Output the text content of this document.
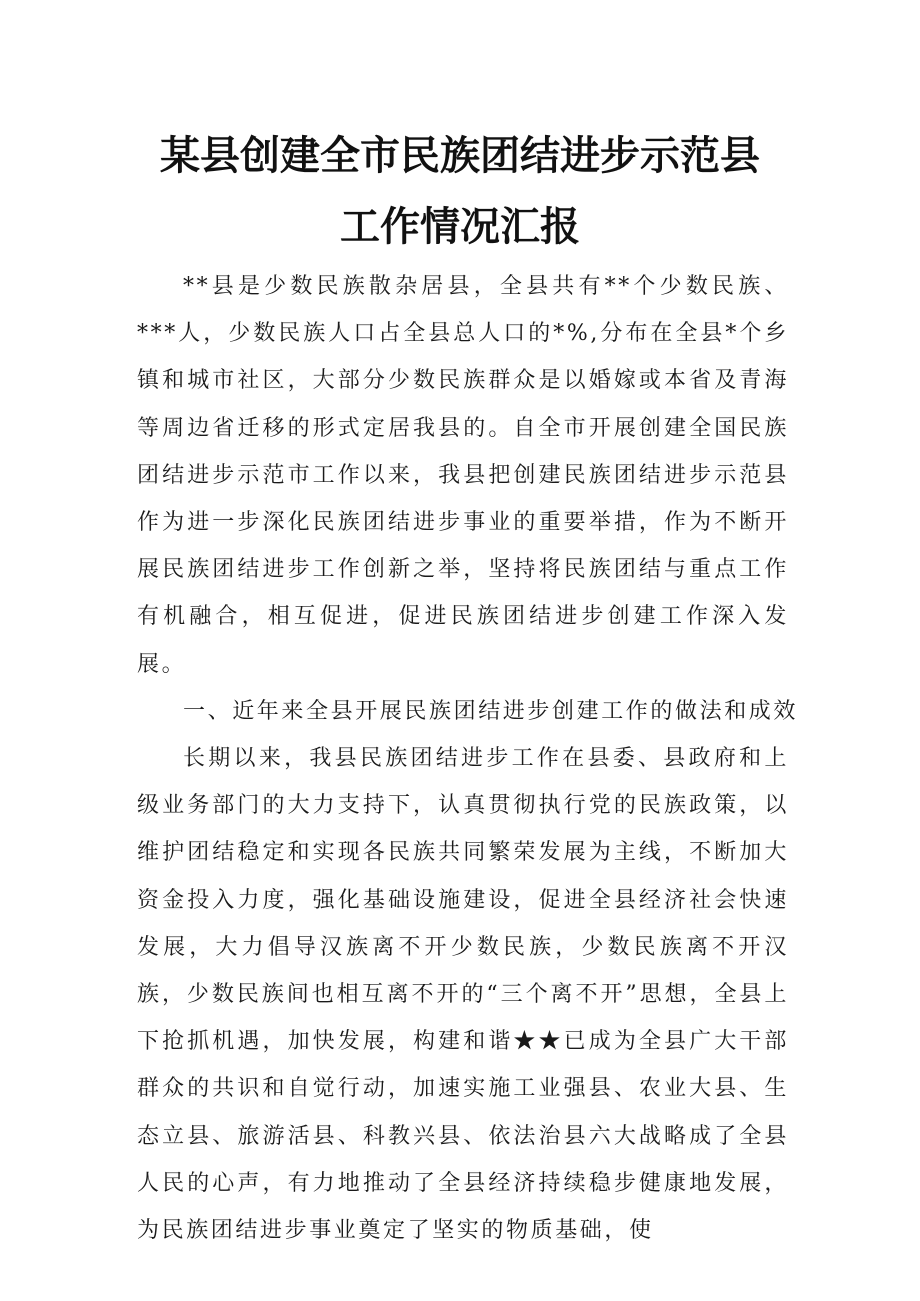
某县创建全市民族团结进步示范县
工作情况汇报

**县是少数民族散杂居县，全县共有**个少数民族、***人，少数民族人口占全县总人口的*%,分布在全县*个乡镇和城市社区，大部分少数民族群众是以婚嫁或本省及青海等周边省迁移的形式定居我县的。自全市开展创建全国民族团结进步示范市工作以来，我县把创建民族团结进步示范县作为进一步深化民族团结进步事业的重要举措，作为不断开展民族团结进步工作创新之举，坚持将民族团结与重点工作有机融合，相互促进，促进民族团结进步创建工作深入发展。

一、近年来全县开展民族团结进步创建工作的做法和成效

长期以来，我县民族团结进步工作在县委、县政府和上级业务部门的大力支持下，认真贯彻执行党的民族政策，以维护团结稳定和实现各民族共同繁荣发展为主线，不断加大资金投入力度，强化基础设施建设，促进全县经济社会快速发展，大力倡导汉族离不开少数民族，少数民族离不开汉族，少数民族间也相互离不开的“三个离不开”思想，全县上下抢抓机遇，加快发展，构建和谐★★已成为全县广大干部群众的共识和自觉行动，加速实施工业强县、农业大县、生态立县、旅游活县、科教兴县、依法治县六大战略成了全县人民的心声，有力地推动了全县经济持续稳步健康地发展，为民族团结进步事业奠定了坚实的物质基础，使
